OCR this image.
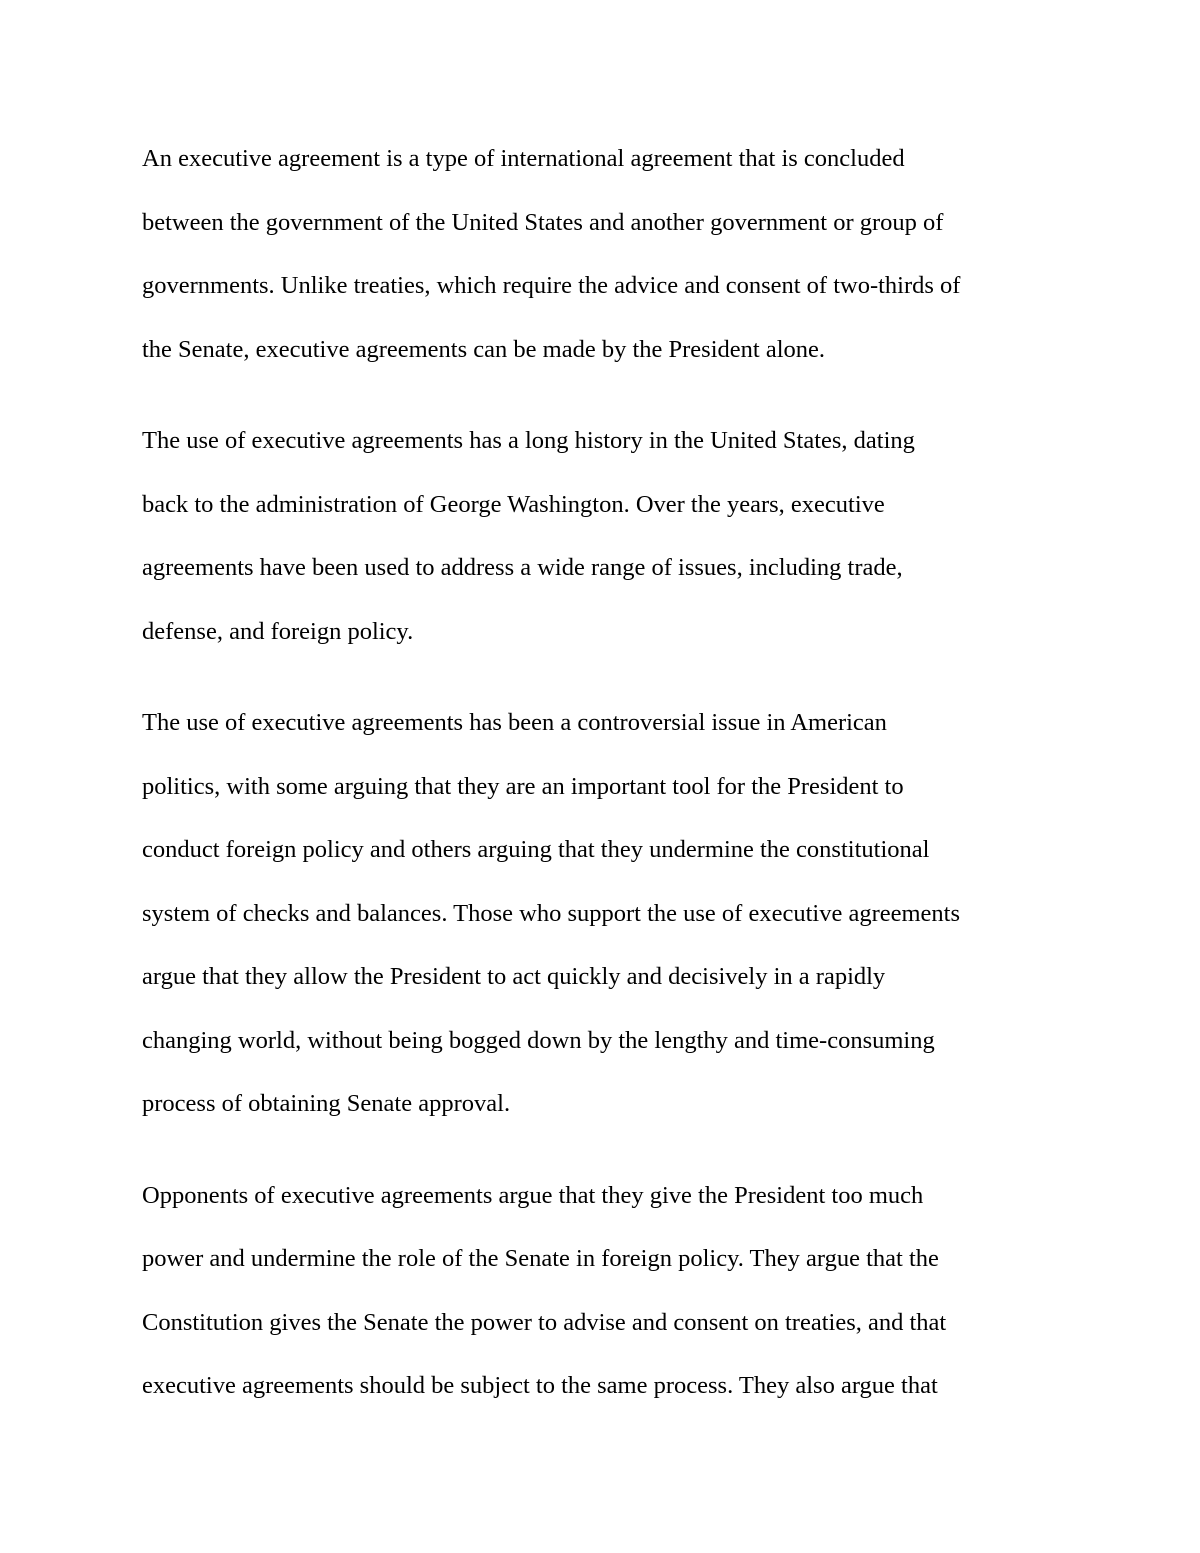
An executive agreement is a type of international agreement that is concluded
between the government of the United States and another government or group of
governments. Unlike treaties, which require the advice and consent of two-thirds of
the Senate, executive agreements can be made by the President alone.
The use of executive agreements has a long history in the United States, dating
back to the administration of George Washington. Over the years, executive
agreements have been used to address a wide range of issues, including trade,
defense, and foreign policy.
The use of executive agreements has been a controversial issue in American
politics, with some arguing that they are an important tool for the President to
conduct foreign policy and others arguing that they undermine the constitutional
system of checks and balances. Those who support the use of executive agreements
argue that they allow the President to act quickly and decisively in a rapidly
changing world, without being bogged down by the lengthy and time-consuming
process of obtaining Senate approval.
Opponents of executive agreements argue that they give the President too much
power and undermine the role of the Senate in foreign policy. They argue that the
Constitution gives the Senate the power to advise and consent on treaties, and that
executive agreements should be subject to the same process. They also argue that
